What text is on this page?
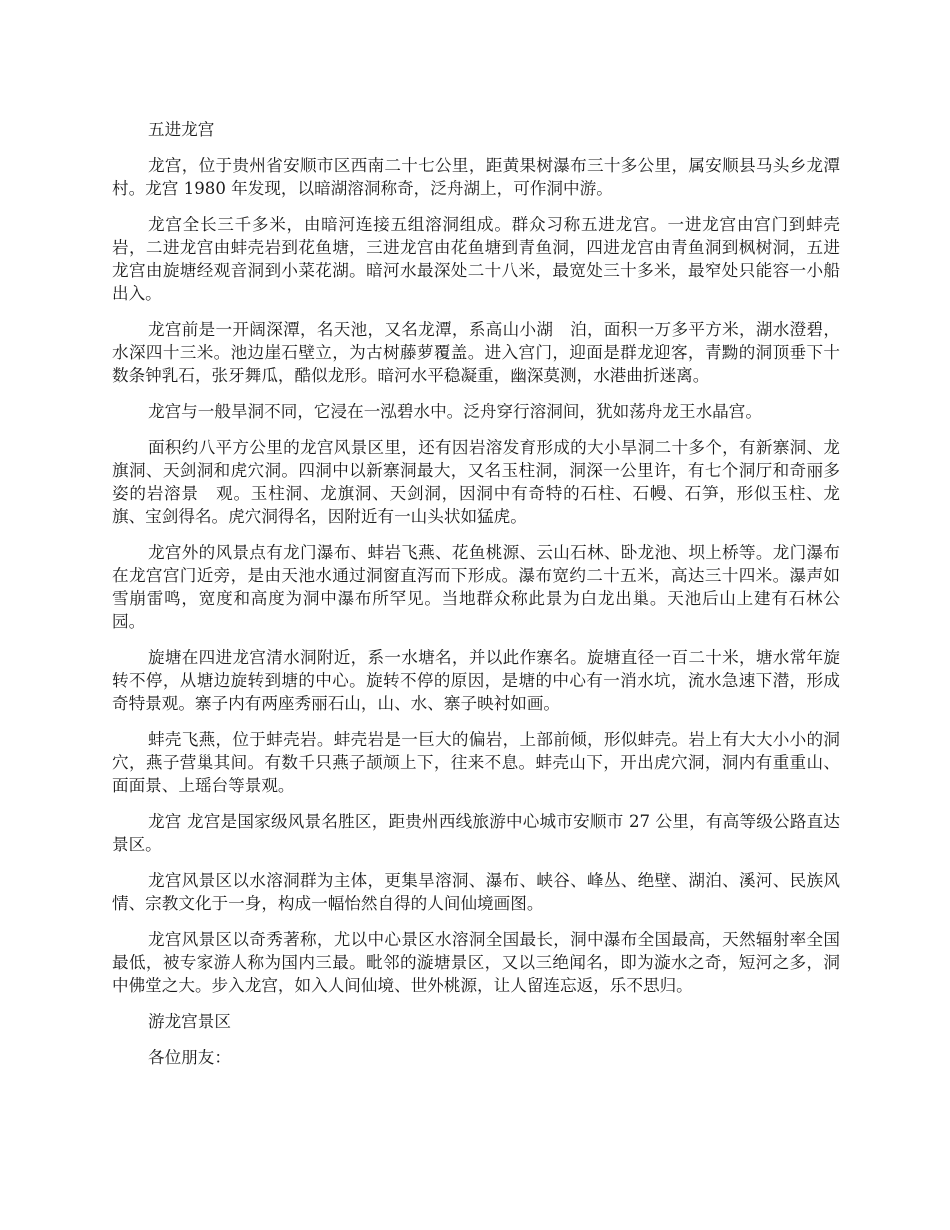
五进龙宫

龙宫，位于贵州省安顺市区西南二十七公里，距黄果树瀑布三十多公里，属安顺县马头乡龙潭村。龙宫 1980 年发现，以暗湖溶洞称奇，泛舟湖上，可作洞中游。

龙宫全长三千多米，由暗河连接五组溶洞组成。群众习称五进龙宫。一进龙宫由宫门到蚌壳岩，二进龙宫由蚌壳岩到花鱼塘，三进龙宫由花鱼塘到青鱼洞，四进龙宫由青鱼洞到枫树洞，五进龙宫由旋塘经观音洞到小菜花湖。暗河水最深处二十八米，最宽处三十多米，最窄处只能容一小船出入。

龙宫前是一开阔深潭，名天池，又名龙潭，系高山小湖　泊，面积一万多平方米，湖水澄碧，水深四十三米。池边崖石壁立，为古树藤萝覆盖。进入宫门，迎面是群龙迎客，青黝的洞顶垂下十数条钟乳石，张牙舞瓜，酷似龙形。暗河水平稳凝重，幽深莫测，水港曲折迷离。

龙宫与一般旱洞不同，它浸在一泓碧水中。泛舟穿行溶洞间，犹如荡舟龙王水晶宫。

面积约八平方公里的龙宫风景区里，还有因岩溶发育形成的大小旱洞二十多个，有新寨洞、龙旗洞、天剑洞和虎穴洞。四洞中以新寨洞最大，又名玉柱洞，洞深一公里许，有七个洞厅和奇丽多姿的岩溶景　观。玉柱洞、龙旗洞、天剑洞，因洞中有奇特的石柱、石幔、石笋，形似玉柱、龙旗、宝剑得名。虎穴洞得名，因附近有一山头状如猛虎。

龙宫外的风景点有龙门瀑布、蚌岩飞燕、花鱼桃源、云山石林、卧龙池、坝上桥等。龙门瀑布在龙宫宫门近旁，是由天池水通过洞窗直泻而下形成。瀑布宽约二十五米，高达三十四米。瀑声如雪崩雷鸣，宽度和高度为洞中瀑布所罕见。当地群众称此景为白龙出巢。天池后山上建有石林公园。

旋塘在四进龙宫清水洞附近，系一水塘名，并以此作寨名。旋塘直径一百二十米，塘水常年旋转不停，从塘边旋转到塘的中心。旋转不停的原因，是塘的中心有一消水坑，流水急速下潜，形成奇特景观。寨子内有两座秀丽石山，山、水、寨子映衬如画。

蚌壳飞燕，位于蚌壳岩。蚌壳岩是一巨大的偏岩，上部前倾，形似蚌壳。岩上有大大小小的洞穴，燕子营巢其间。有数千只燕子颉颃上下，往来不息。蚌壳山下，开出虎穴洞，洞内有重重山、面面景、上瑶台等景观。

龙宫 龙宫是国家级风景名胜区，距贵州西线旅游中心城市安顺市 27 公里，有高等级公路直达景区。

龙宫风景区以水溶洞群为主体，更集旱溶洞、瀑布、峡谷、峰丛、绝壁、湖泊、溪河、民族风情、宗教文化于一身，构成一幅怡然自得的人间仙境画图。

龙宫风景区以奇秀著称，尤以中心景区水溶洞全国最长，洞中瀑布全国最高，天然辐射率全国最低，被专家游人称为国内三最。毗邻的漩塘景区，又以三绝闻名，即为漩水之奇，短河之多，洞中佛堂之大。步入龙宫，如入人间仙境、世外桃源，让人留连忘返，乐不思归。

游龙宫景区

各位朋友：
